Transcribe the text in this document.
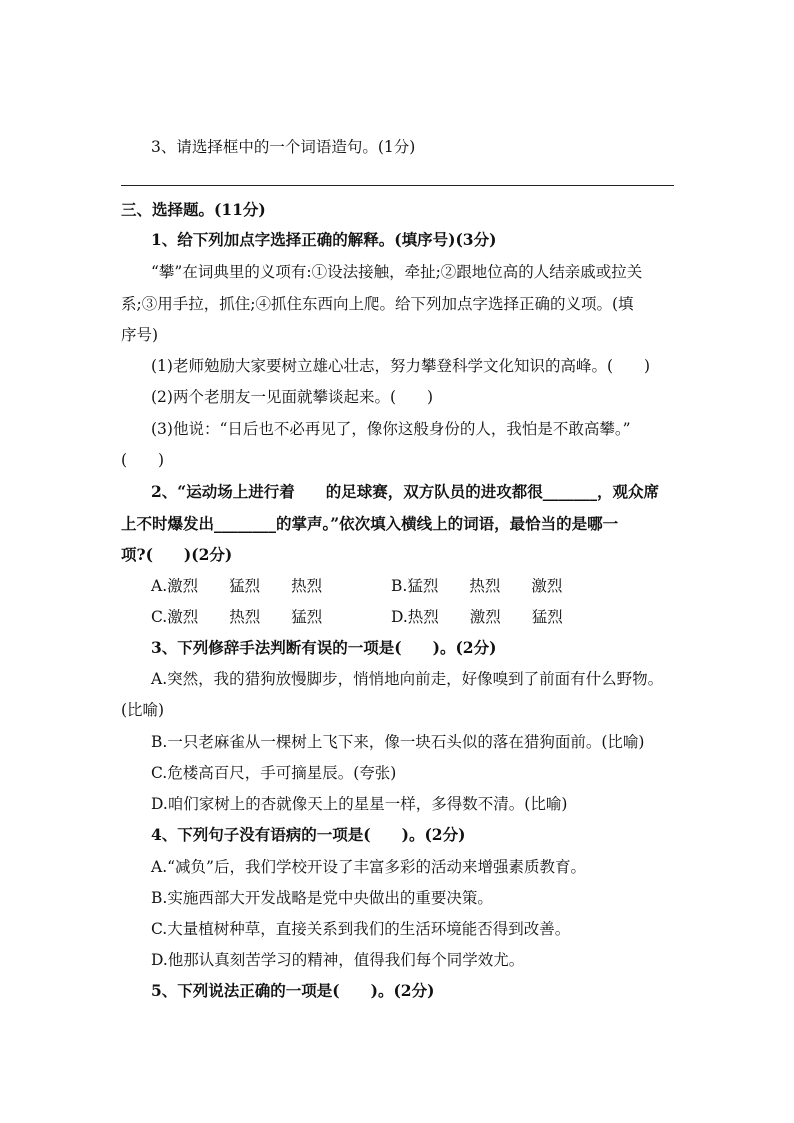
3、请选择框中的一个词语造句。(1分)
三、选择题。(11分)
1、给下列加点字选择正确的解释。(填序号)(3分)
“攀”在词典里的义项有:①设法接触，牵扯;②跟地位高的人结亲戚或拉关
系;③用手拉，抓住;④抓住东西向上爬。给下列加点字选择正确的义项。(填
序号)
(1)老师勉励大家要树立雄心壮志，努力攀登科学文化知识的高峰。(　　)
(2)两个老朋友一见面就攀谈起来。(　　)
(3)他说：“日后也不必再见了，像你这般身份的人，我怕是不敢高攀。”
(　　)
2、“运动场上进行着　　的足球赛，双方队员的进攻都很_______，观众席
上不时爆发出________的掌声。”依次填入横线上的词语，最恰当的是哪一
项?(　　)(2分)
A.激烈　　猛烈　　热烈	B.猛烈　　热烈　　激烈
C.激烈　　热烈　　猛烈	D.热烈　　激烈　　猛烈
3、下列修辞手法判断有误的一项是(　　)。(2分)
A.突然，我的猎狗放慢脚步，悄悄地向前走，好像嗅到了前面有什么野物。
(比喻)
B.一只老麻雀从一棵树上飞下来，像一块石头似的落在猎狗面前。(比喻)
C.危楼高百尺，手可摘星辰。(夸张)
D.咱们家树上的杏就像天上的星星一样，多得数不清。(比喻)
4、下列句子没有语病的一项是(　　)。(2分)
A.“减负”后，我们学校开设了丰富多彩的活动来增强素质教育。
B.实施西部大开发战略是党中央做出的重要决策。
C.大量植树种草，直接关系到我们的生活环境能否得到改善。
D.他那认真刻苦学习的精神，值得我们每个同学效尤。
5、下列说法正确的一项是(　　)。(2分)
